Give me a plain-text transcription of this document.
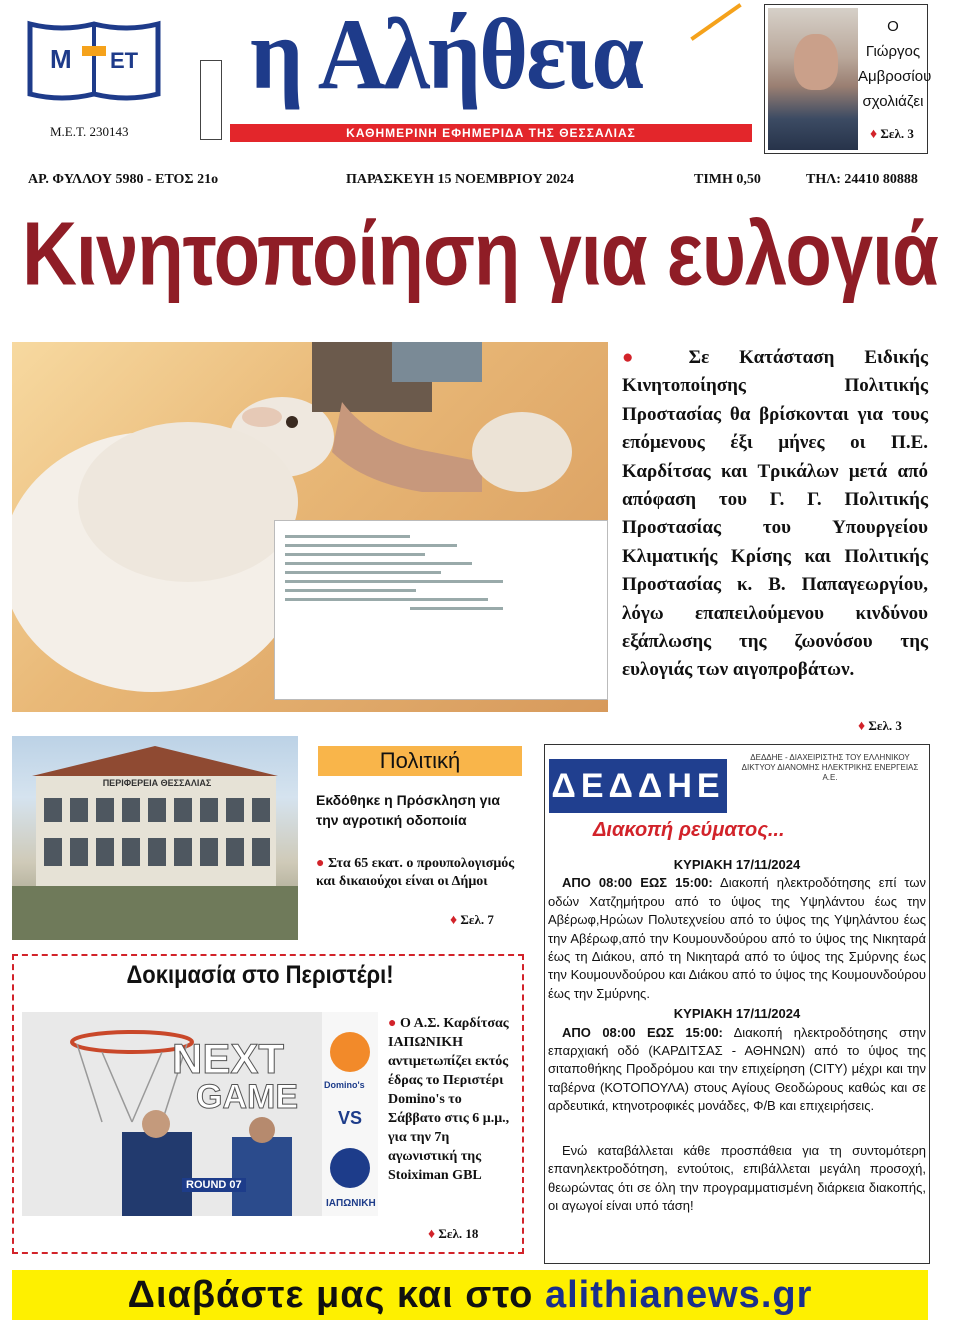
M ET
Μ.Ε.Τ. 230143
η Αλήθεια
ΚΑΘΗΜΕΡΙΝΗ ΕΦΗΜΕΡΙΔΑ ΤΗΣ ΘΕΣΣΑΛΙΑΣ
Ο Γιώργος
Αμβροσίου
σχολιάζει
♦ Σελ. 3
ΑΡ. ΦΥΛΛΟΥ 5980 - ΕΤΟΣ 21ο	ΠΑΡΑΣΚΕΥΗ 15 ΝΟΕΜΒΡΙΟΥ 2024	ΤΙΜΗ 0,50	ΤΗΛ: 24410 80888
Κινητοποίηση για ευλογιά
● Σε Κατάσταση Ειδικής Κινητοποίησης Πολιτικής Προστασίας θα βρίσκονται για τους επόμενους έξι μήνες οι Π.Ε. Καρδίτσας και Τρικάλων μετά από απόφαση του Γ. Γ. Πολιτικής Προστασίας του Υπουργείου Κλιματικής Κρίσης και Πολιτικής Προστασίας κ. Β. Παπαγεωργίου, λόγω επαπειλούμενου κινδύνου εξάπλωσης της ζωονόσου της ευλογιάς των αιγοπροβάτων.
♦ Σελ. 3
ΠΕΡΙΦΕΡΕΙΑ ΘΕΣΣΑΛΙΑΣ
Πολιτική
Εκδόθηκε η Πρόσκληση για την αγροτική οδοποιία
● Στα 65 εκατ. ο προυπολογισμός και δικαιούχοι είναι οι Δήμοι
♦ Σελ. 7
Δοκιμασία στο Περιστέρι!
NEXT
GAME	Domino's
VS
ΙΑΠΩΝΙΚΗ
ROUND 07
● Ο Α.Σ. Καρδίτσας ΙΑΠΩΝΙΚΗ αντιμετωπίζει εκτός έδρας το Περιστέρι Domino's το Σάββατο στις 6 μ.μ., για την 7η αγωνιστική της Stoiximan GBL
♦ Σελ. 18
ΔΕΔΔΗΕ
ΔΕΔΔΗΕ - ΔΙΑΧΕΙΡΙΣΤΗΣ ΤΟΥ ΕΛΛΗΝΙΚΟΥ ΔΙΚΤΥΟΥ ΔΙΑΝΟΜΗΣ ΗΛΕΚΤΡΙΚΗΣ ΕΝΕΡΓΕΙΑΣ Α.Ε.
Διακοπή ρεύματος...
ΚΥΡΙΑΚΗ 17/11/2024

ΑΠΟ 08:00 ΕΩΣ 15:00: Διακοπή ηλεκτροδότησης επί των οδών Χατζημήτρου από το ύψος της Υψηλάντου έως την Αβέρωφ,Ηρώων Πολυτεχνείου από το ύψος της Υψηλάντου έως την Αβέρωφ,από την Κουμουνδούρου από το ύψος της Νικηταρά έως τη Διάκου, από τη Νικηταρά από το ύψος της Σμύρνης έως την Κουμουνδούρου και Διάκου από το ύψος της Κουμουνδούρου έως την Σμύρνης.

ΚΥΡΙΑΚΗ 17/11/2024

ΑΠΟ 08:00 ΕΩΣ 15:00: Διακοπή ηλεκτροδότησης στην επαρχιακή οδό (ΚΑΡΔΙΤΣΑΣ - ΑΘΗΝΩΝ) από το ύψος της σιταποθήκης Προδρόμου και την επιχείρηση (CITY) μέχρι και την ταβέρνα (ΚΟΤΟΠΟΥΛΑ) στους Αγίους Θεοδώρους καθώς και σε αρδευτικά, κτηνοτροφικές μονάδες, Φ/Β και επιχειρήσεις.

Ενώ καταβάλλεται κάθε προσπάθεια για τη συντομότερη επανηλεκτροδότηση, εντούτοις, επιβάλλεται μεγάλη προσοχή, θεωρώντας ότι σε όλη την προγραμματισμένη διάρκεια διακοπής, οι αγωγοί είναι υπό τάση!

Διαβάστε μας και στο alithianews.gr
